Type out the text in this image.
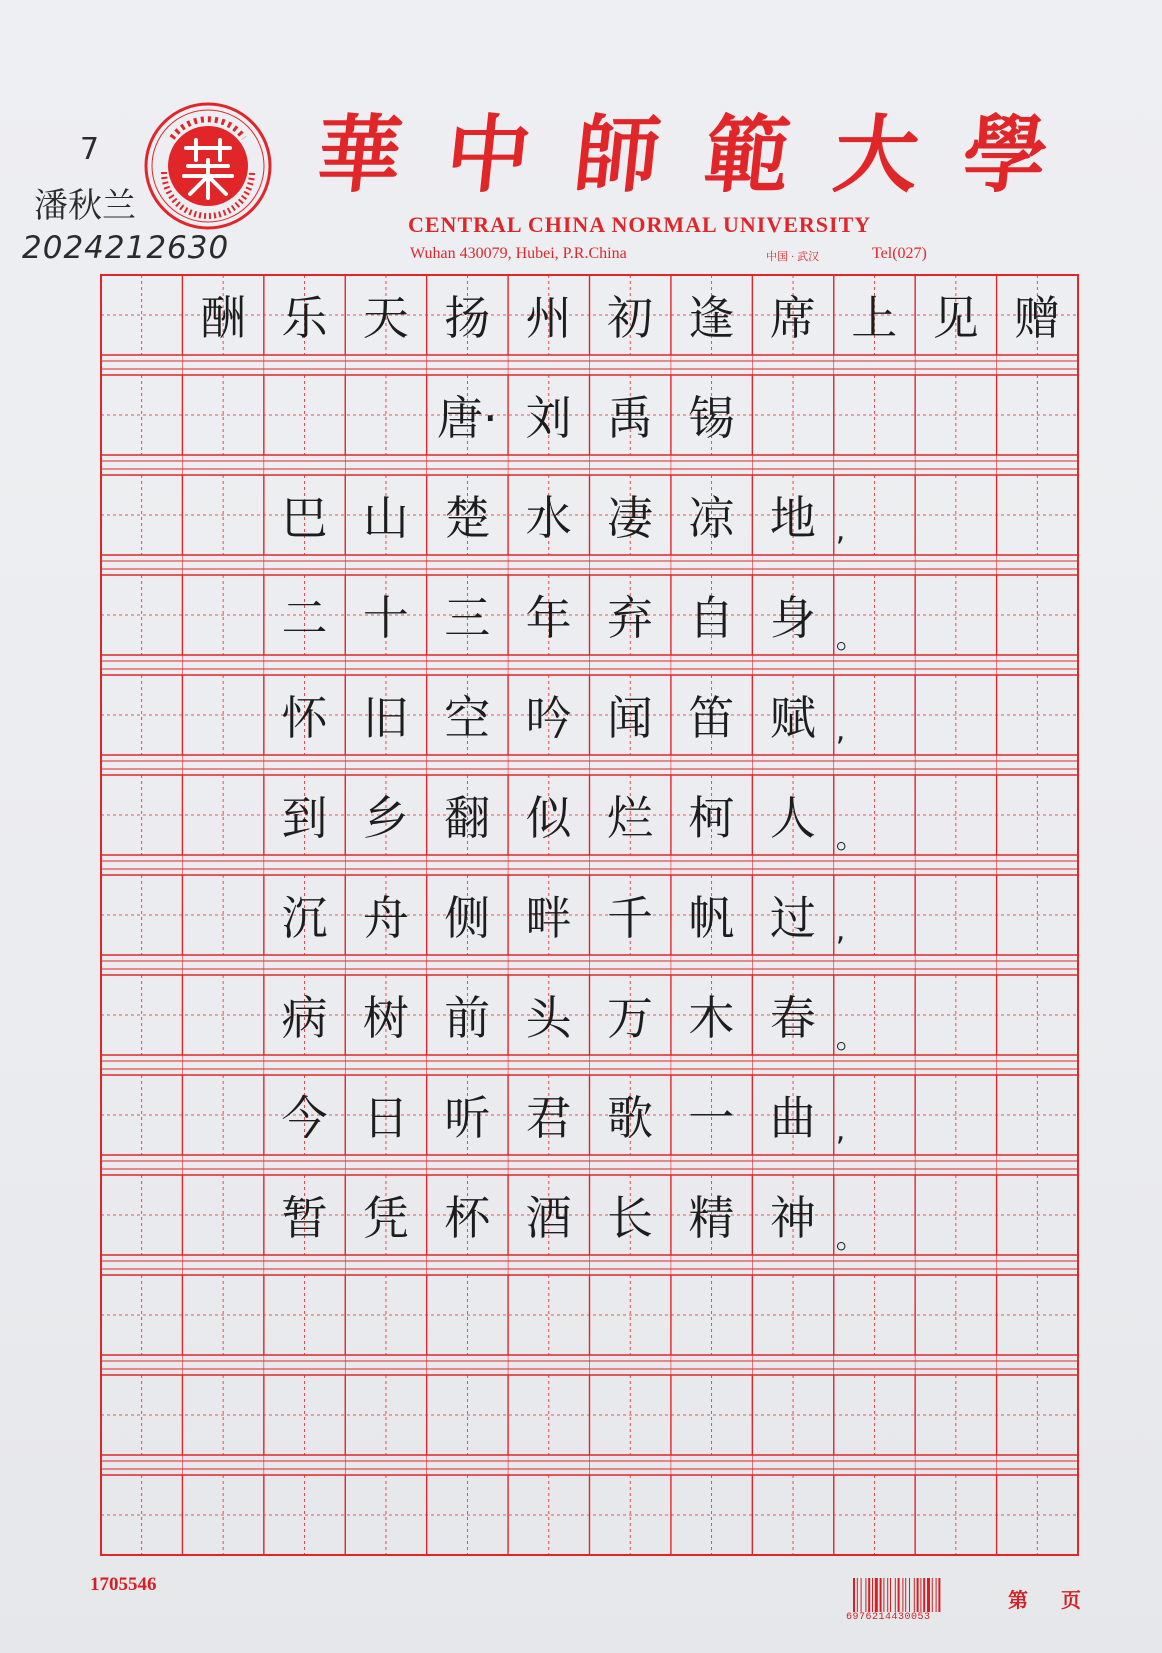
7
潘秋兰
2024212630
華 中 師 範 大 學
CENTRAL CHINA NORMAL UNIVERSITY
Wuhan 430079, Hubei, P.R.China	中国 · 武汉	Tel(027)
酬 乐 天 扬 州 初 逢 席 上 见 赠
唐· 刘 禹 锡
巴 山 楚 水 凄 凉 地
二 十 三 年 弃 自 身
怀 旧 空 吟 闻 笛 赋
到 乡 翻 似 烂 柯 人
沉 舟 侧 畔 千 帆 过
病 树 前 头 万 木 春
今 日 听 君 歌 一 曲
暂 凭 杯 酒 长 精 神
,
。
,
。
,
。
,
。
1705546
6976214430053
第 页
